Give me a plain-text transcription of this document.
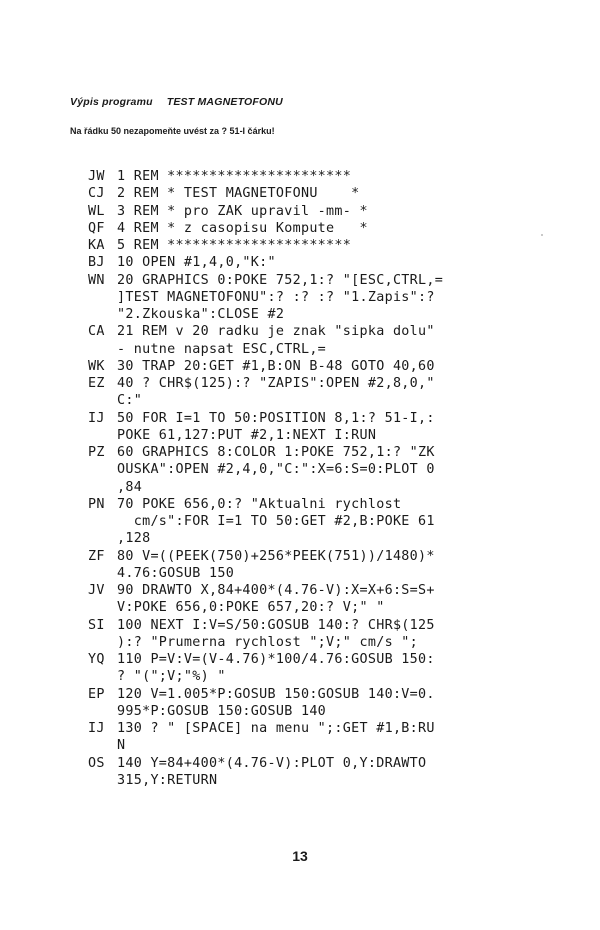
Výpis programu TEST MAGNETOFONU
Na řádku 50 nezapomeňte uvést za ? 51-I čárku!
JW 1 REM **********************
CJ 2 REM * TEST MAGNETOFONU    *
WL 3 REM * pro ZAK upravil -mm- *
QF 4 REM * z casopisu Kompute   *
KA 5 REM **********************
BJ 10 OPEN #1,4,0,"K:"
WN 20 GRAPHICS 0:POKE 752,1:? "[ESC,CTRL,=
]TEST MAGNETOFONU":? :? :? "1.Zapis":?
"2.Zkouska":CLOSE #2
CA 21 REM v 20 radku je znak "sipka dolu"
- nutne napsat ESC,CTRL,=
WK 30 TRAP 20:GET #1,B:ON B-48 GOTO 40,60
EZ 40 ? CHR$(125):? "ZAPIS":OPEN #2,8,0,"
C:"
IJ 50 FOR I=1 TO 50:POSITION 8,1:? 51-I,:
POKE 61,127:PUT #2,1:NEXT I:RUN
PZ 60 GRAPHICS 8:COLOR 1:POKE 752,1:? "ZK
OUSKA":OPEN #2,4,0,"C:":X=6:S=0:PLOT 0
,84
PN 70 POKE 656,0:? "Aktualni rychlost
cm/s":FOR I=1 TO 50:GET #2,B:POKE 61
,128
ZF 80 V=((PEEK(750)+256*PEEK(751))/1480)*
4.76:GOSUB 150
JV 90 DRAWTO X,84+400*(4.76-V):X=X+6:S=S+
V:POKE 656,0:POKE 657,20:? V;" "
SI 100 NEXT I:V=S/50:GOSUB 140:? CHR$(125
):? "Prumerna rychlost ";V;" cm/s ";
YQ 110 P=V:V=(V-4.76)*100/4.76:GOSUB 150:
? "(";V;"%) "
EP 120 V=1.005*P:GOSUB 150:GOSUB 140:V=0.
995*P:GOSUB 150:GOSUB 140
IJ 130 ? " [SPACE] na menu ";:GET #1,B:RU
N
OS 140 Y=84+400*(4.76-V):PLOT 0,Y:DRAWTO
315,Y:RETURN
13
